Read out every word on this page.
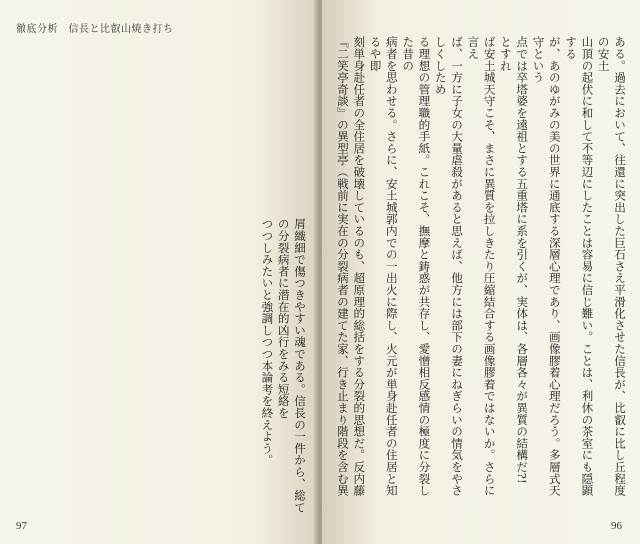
徹底分析　信長と比叡山焼き打ち
屑織細で傷つきやすい魂である。信長の一件から、総ての分裂病者に潜在的凶行をみる短絡を
つつしみたいと強調しつつ本論考を終えよう。
97	96
ある。過去において、往還に突出した巨石さえ平滑化させた信長が、比叡に比し丘程度の安土
山頂の起伏に和して不等辺にしたことは容易に信じ難い。ことは、利休の茶室にも隠顕する
が、あのゆがみの美の世界に通底する深層心理であり、画像膠着心理だろう。多層式天守という
点では卒塔婆を遠祖とする五重塔に系を引くが、実体は、各層各々が異質の結構だ?!　とすれ
ば安土城天守こそ、まさに異質を拉しきたり圧縮結合する画像膠着ではないか。さらに言え
ば、一方に子女の大量虐殺があると思えば、他方には部下の妻にねぎらいの情気をやさしくしため
る理想の管理職的手紙。これこそ、撫摩と鋳惑が共存し、愛憎相反感情の極度に分裂した昔の
病者を思わせる。さらに、安土城郭内での一出火に際し、火元が単身赴任者の住居と知るや即
刻単身赴任者の全住居を破壊しているのも、超原理的総括をする分裂的思想だ。反内藤
『二笑亭奇談』の異型亭（戦前に実在の分裂病者の建てた家、行き止まり階段を含む異
